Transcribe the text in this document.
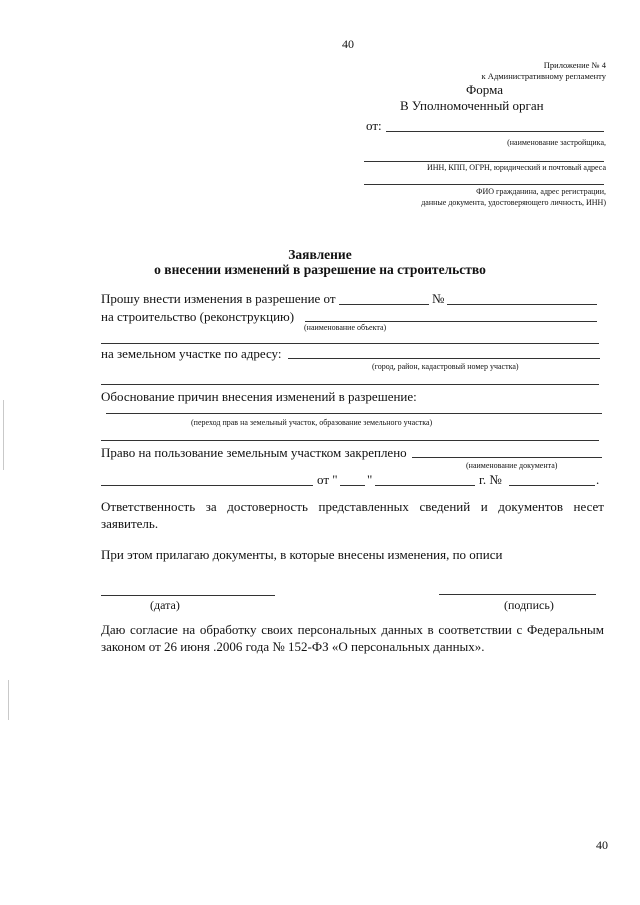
40
Приложение № 4
к Административному регламенту
Форма
В Уполномоченный орган
от:
(наименование застройщика,
ИНН, КПП, ОГРН, юридический и почтовый адреса
ФИО гражданина, адрес регистрации,
данные документа, удостоверяющего личность, ИНН)
Заявление
о внесении изменений в разрешение на строительство
Прошу внести изменения в разрешение от	№
на строительство (реконструкцию)
(наименование объекта)
на земельном участке по адресу:
(город, район, кадастровый номер участка)
Обоснование причин внесения изменений в разрешение:
(переход прав на земельный участок, образование земельного участка)
Право на пользование земельным участком закреплено
(наименование документа)
от " "	г. №	.
Ответственность за достоверность представленных сведений и документов несет
заявитель.
При этом прилагаю документы, в которые внесены изменения, по описи
(дата)	(подпись)
Даю согласие на обработку своих персональных данных в соответствии с Федеральным
законом от 26 июня .2006 года № 152-ФЗ «О персональных данных».
40
